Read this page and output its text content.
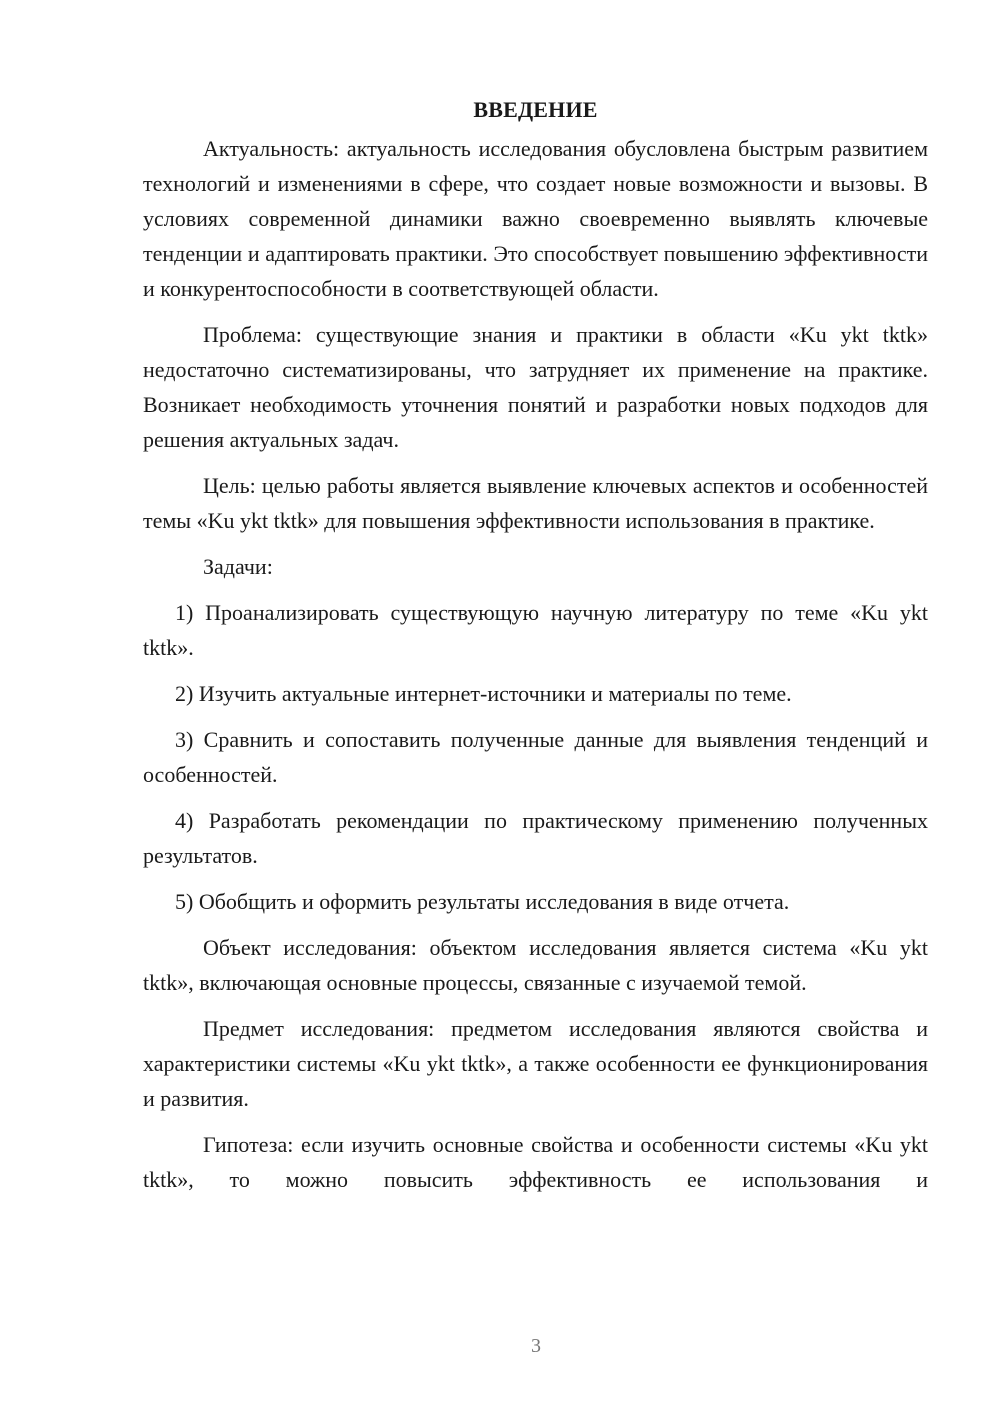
ВВЕДЕНИЕ

Актуальность: актуальность исследования обусловлена быстрым развитием технологий и изменениями в сфере, что создает новые возможности и вызовы. В условиях современной динамики важно своевременно выявлять ключевые тенденции и адаптировать практики. Это способствует повышению эффективности и конкурентоспособности в соответствующей области.

Проблема: существующие знания и практики в области «Ku ykt tktk» недостаточно систематизированы, что затрудняет их применение на практике. Возникает необходимость уточнения понятий и разработки новых подходов для решения актуальных задач.

Цель: целью работы является выявление ключевых аспектов и особенностей темы «Ku ykt tktk» для повышения эффективности использования в практике.

Задачи:

1) Проанализировать существующую научную литературу по теме «Ku ykt tktk».

2) Изучить актуальные интернет-источники и материалы по теме.

3) Сравнить и сопоставить полученные данные для выявления тенденций и особенностей.

4) Разработать рекомендации по практическому применению полученных результатов.

5) Обобщить и оформить результаты исследования в виде отчета.

Объект исследования: объектом исследования является система «Ku ykt tktk», включающая основные процессы, связанные с изучаемой темой.

Предмет исследования: предметом исследования являются свойства и характеристики системы «Ku ykt tktk», а также особенности ее функционирования и развития.

Гипотеза: если изучить основные свойства и особенности системы «Ku ykt tktk», то можно повысить эффективность ее использования и

3
